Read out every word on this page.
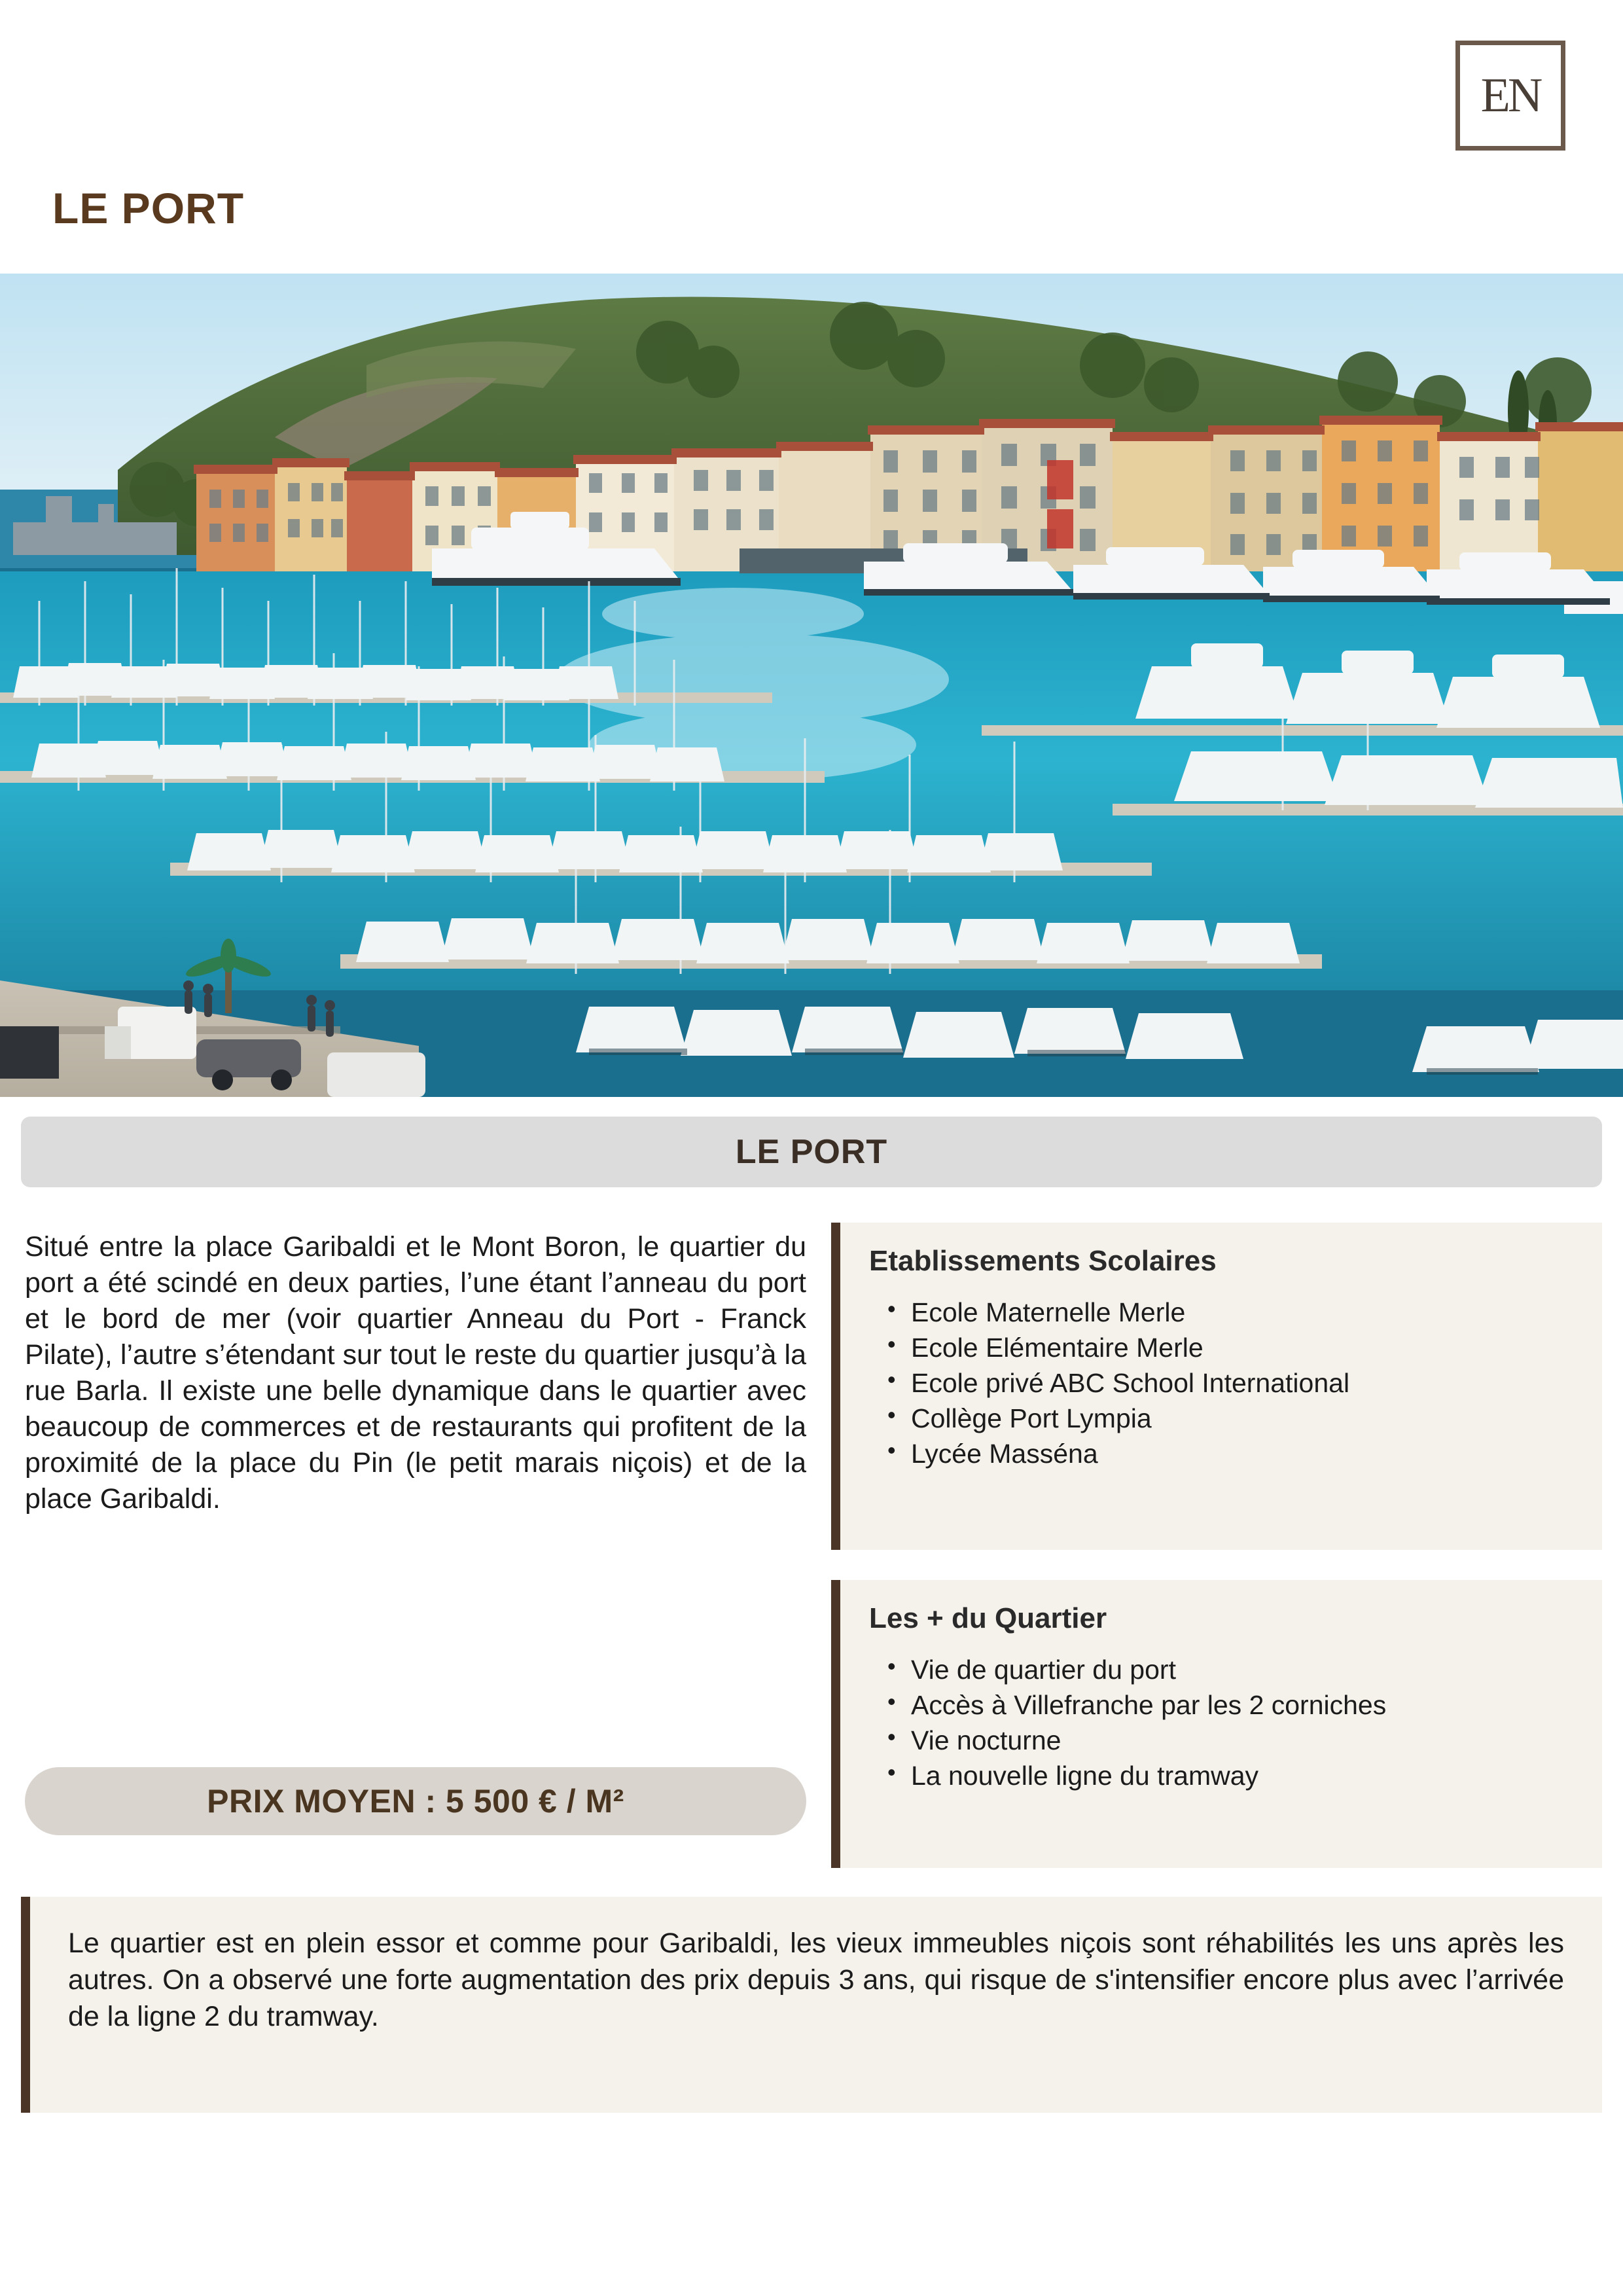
EN
LE PORT
LE PORT

Situé entre la place Garibaldi et le Mont Boron, le quartier du port a été scindé en deux parties, l’une étant l’anneau du port et le bord de mer (voir quartier Anneau du Port - Franck Pilate), l’autre s’étendant sur tout le reste du quartier jusqu’à la rue Barla. Il existe une belle dynamique dans le quartier avec beaucoup de commerces et de restaurants qui profitent de la proximité de la place du Pin (le petit marais niçois) et de la place Garibaldi.

PRIX MOYEN : 5 500 € / M²
Etablissements Scolaires
• Ecole Maternelle Merle
• Ecole Elémentaire Merle
• Ecole privé ABC School International
• Collège Port Lympia
• Lycée Masséna
Les + du Quartier
• Vie de quartier du port
• Accès à Villefranche par les 2 corniches
• Vie nocturne
• La nouvelle ligne du tramway

Le quartier est en plein essor et comme pour Garibaldi, les vieux immeubles niçois sont réhabilités les uns après les autres. On a observé une forte augmentation des prix depuis 3 ans, qui risque de s'intensifier encore plus avec l’arrivée de la ligne 2 du tramway.
